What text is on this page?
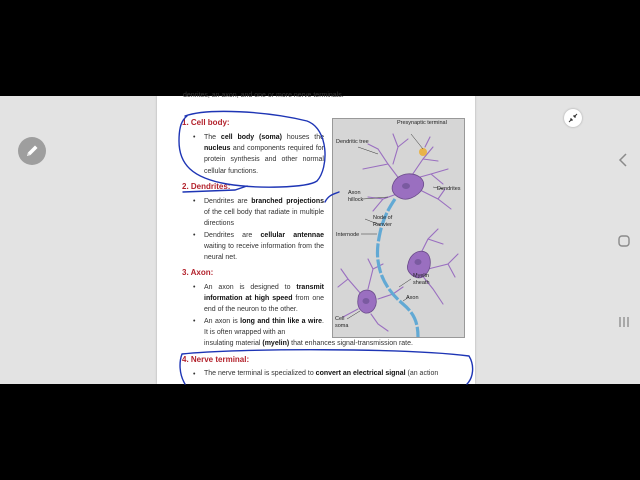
denrites, an axon, and one or more nerve terminals.
1. Cell body:
• The cell body (soma) houses the nucleus and components required for protein synthesis and other normal cellular functions.

2. Dendrites:
• Dendrites are branched projections of the cell body that radiate in multiple directions

• Dendrites are cellular antennae waiting to receive information from the neural net.

3. Axon:
• An axon is designed to transmit information at high speed from one end of the neuron to the other.

• An axon is long and thin like a wire. It is often wrapped with an

insulating material (myelin) that enhances signal-transmission rate.
4. Nerve terminal:
• The nerve terminal is specialized to convert an electrical signal (an action
Presynaptic terminal
Dendritic tree
Dendrites
Axon hillock
Node of Ranvier
Internode
Myelin sheath
Axon
Cell soma
